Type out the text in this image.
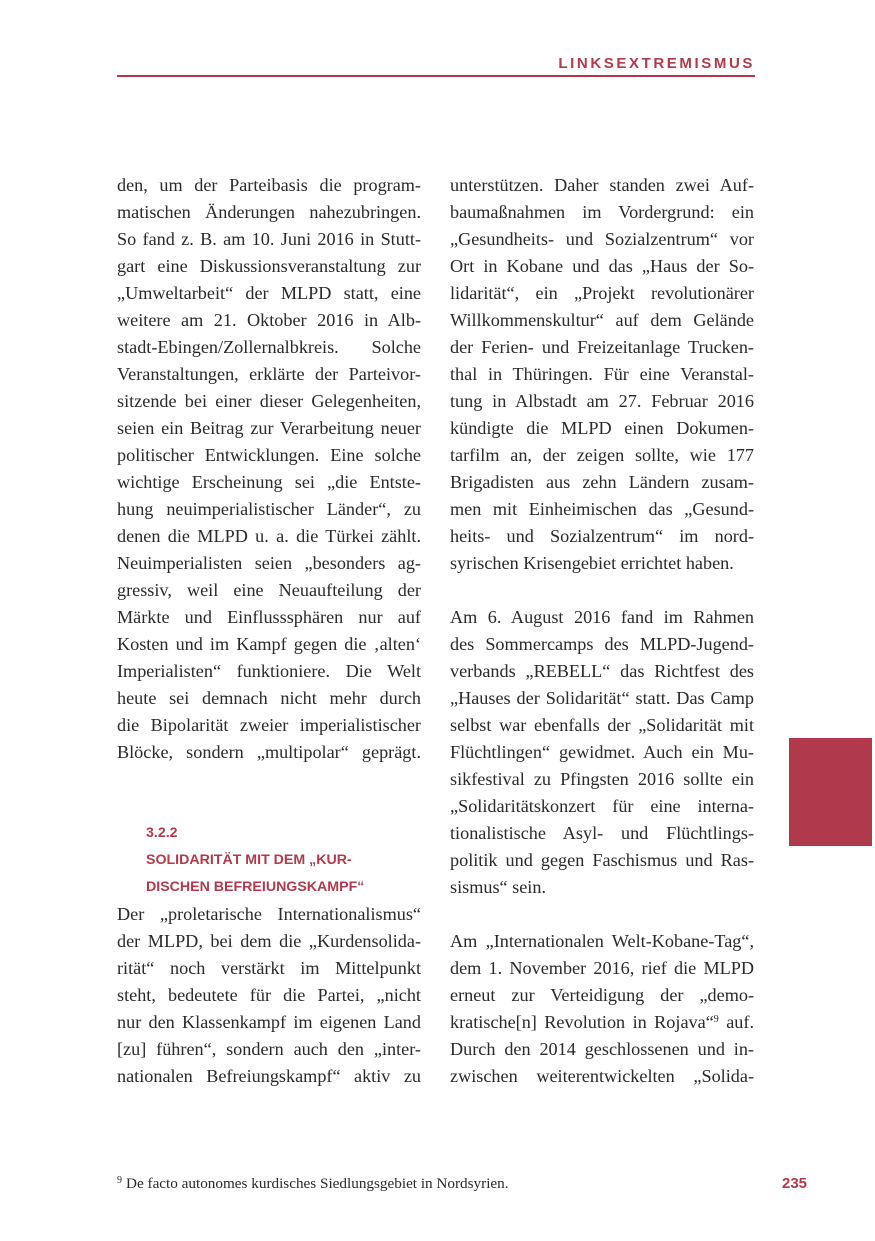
LINKSEXTREMISMUS
den, um der Parteibasis die program-
matischen Änderungen nahezubringen.
So fand z. B. am 10. Juni 2016 in Stutt-
gart eine Diskussionsveranstaltung zur
„Umweltarbeit“ der MLPD statt, eine
weitere am 21. Oktober 2016 in Alb-
stadt-Ebingen/Zollernalbkreis. Solche
Veranstaltungen, erklärte der Parteivor-
sitzende bei einer dieser Gelegenheiten,
seien ein Beitrag zur Verarbeitung neuer
politischer Entwicklungen. Eine solche
wichtige Erscheinung sei „die Entste-
hung neuimperialistischer Länder“, zu
denen die MLPD u. a. die Türkei zählt.
Neuimperialisten seien „besonders ag-
gressiv, weil eine Neuaufteilung der
Märkte und Einflusssphären nur auf
Kosten und im Kampf gegen die ‚alten‘
Imperialisten“ funktioniere. Die Welt
heute sei demnach nicht mehr durch
die Bipolarität zweier imperialistischer
Blöcke, sondern „multipolar“ geprägt.
3.2.2
SOLIDARITÄT MIT DEM „KUR-
DISCHEN BEFREIUNGSKAMPF“
Der „proletarische Internationalismus“
der MLPD, bei dem die „Kurdensolida-
rität“ noch verstärkt im Mittelpunkt
steht, bedeutete für die Partei, „nicht
nur den Klassenkampf im eigenen Land
[zu] führen“, sondern auch den „inter-
nationalen Befreiungskampf“ aktiv zu
unterstützen. Daher standen zwei Auf-
baumaßnahmen im Vordergrund: ein
„Gesundheits- und Sozialzentrum“ vor
Ort in Kobane und das „Haus der So-
lidarität“, ein „Projekt revolutionärer
Willkommenskultur“ auf dem Gelände
der Ferien- und Freizeitanlage Trucken-
thal in Thüringen. Für eine Veranstal-
tung in Albstadt am 27. Februar 2016
kündigte die MLPD einen Dokumen-
tarfilm an, der zeigen sollte, wie 177
Brigadisten aus zehn Ländern zusam-
men mit Einheimischen das „Gesund-
heits- und Sozialzentrum“ im nord-
syrischen Krisengebiet errichtet haben.
Am 6. August 2016 fand im Rahmen
des Sommercamps des MLPD-Jugend-
verbands „REBELL“ das Richtfest des
„Hauses der Solidarität“ statt. Das Camp
selbst war ebenfalls der „Solidarität mit
Flüchtlingen“ gewidmet. Auch ein Mu-
sikfestival zu Pfingsten 2016 sollte ein
„Solidaritätskonzert für eine interna-
tionalistische Asyl- und Flüchtlings-
politik und gegen Faschismus und Ras-
sismus“ sein.
Am „Internationalen Welt-Kobane-Tag“,
dem 1. November 2016, rief die MLPD
erneut zur Verteidigung der „demo-
kratische[n] Revolution in Rojava“$^9$ auf.
Durch den 2014 geschlossenen und in-
zwischen weiterentwickelten „Solida-
$^9$ De facto autonomes kurdisches Siedlungsgebiet in Nordsyrien.	235
